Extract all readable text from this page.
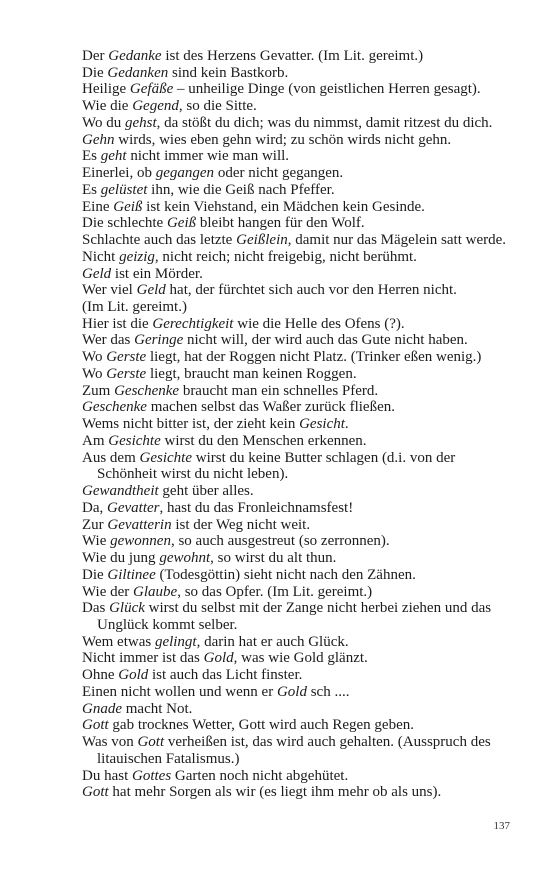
Der Gedanke ist des Herzens Gevatter. (Im Lit. gereimt.)
Die Gedanken sind kein Bastkorb.
Heilige Gefäße – unheilige Dinge (von geistlichen Herren gesagt).
Wie die Gegend, so die Sitte.
Wo du gehst, da stößt du dich; was du nimmst, damit ritzest du dich.
Gehn wirds, wies eben gehn wird; zu schön wirds nicht gehn.
Es geht nicht immer wie man will.
Einerlei, ob gegangen oder nicht gegangen.
Es gelüstet ihn, wie die Geiß nach Pfeffer.
Eine Geiß ist kein Viehstand, ein Mädchen kein Gesinde.
Die schlechte Geiß bleibt hangen für den Wolf.
Schlachte auch das letzte Geißlein, damit nur das Mägelein satt werde.
Nicht geizig, nicht reich; nicht freigebig, nicht berühmt.
Geld ist ein Mörder.
Wer viel Geld hat, der fürchtet sich auch vor den Herren nicht.
(Im Lit. gereimt.)
Hier ist die Gerechtigkeit wie die Helle des Ofens (?).
Wer das Geringe nicht will, der wird auch das Gute nicht haben.
Wo Gerste liegt, hat der Roggen nicht Platz. (Trinker eßen wenig.)
Wo Gerste liegt, braucht man keinen Roggen.
Zum Geschenke braucht man ein schnelles Pferd.
Geschenke machen selbst das Waßer zurück fließen.
Wems nicht bitter ist, der zieht kein Gesicht.
Am Gesichte wirst du den Menschen erkennen.
Aus dem Gesichte wirst du keine Butter schlagen (d.i. von der
Schönheit wirst du nicht leben).
Gewandtheit geht über alles.
Da, Gevatter, hast du das Fronleichnamsfest!
Zur Gevatterin ist der Weg nicht weit.
Wie gewonnen, so auch ausgestreut (so zerronnen).
Wie du jung gewohnt, so wirst du alt thun.
Die Giltinee (Todesgöttin) sieht nicht nach den Zähnen.
Wie der Glaube, so das Opfer. (Im Lit. gereimt.)
Das Glück wirst du selbst mit der Zange nicht herbei ziehen und das
Unglück kommt selber.
Wem etwas gelingt, darin hat er auch Glück.
Nicht immer ist das Gold, was wie Gold glänzt.
Ohne Gold ist auch das Licht finster.
Einen nicht wollen und wenn er Gold sch ....
Gnade macht Not.
Gott gab trocknes Wetter, Gott wird auch Regen geben.
Was von Gott verheißen ist, das wird auch gehalten. (Ausspruch des
litauischen Fatalismus.)
Du hast Gottes Garten noch nicht abgehütet.
Gott hat mehr Sorgen als wir (es liegt ihm mehr ob als uns).
137
